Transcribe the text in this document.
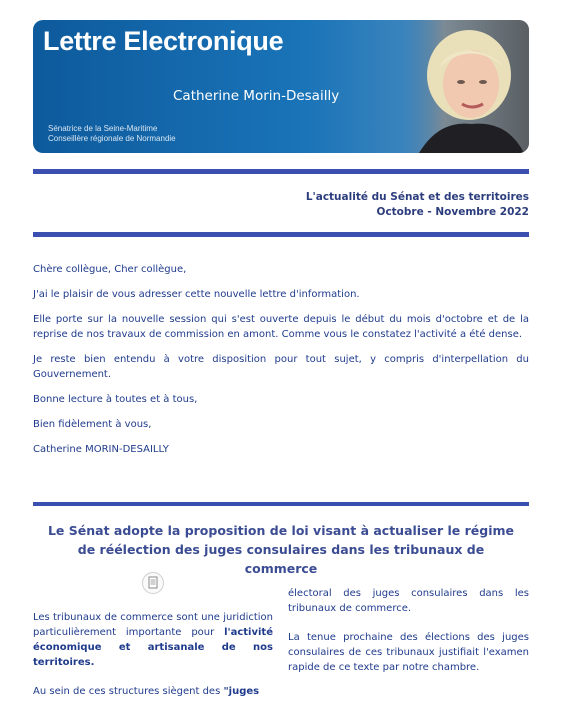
Lettre Electronique
Catherine Morin-Desailly
Sénatrice de la Seine-Maritime
Conseillère régionale de Normandie
L'actualité du Sénat et des territoires
Octobre - Novembre 2022

Chère collègue, Cher collègue,

J'ai le plaisir de vous adresser cette nouvelle lettre d'information.

Elle porte sur la nouvelle session qui s'est ouverte depuis le début du mois d'octobre et de la reprise de nos travaux de commission en amont. Comme vous le constatez l'activité a été dense.

Je reste bien entendu à votre disposition pour tout sujet, y compris d'interpellation du Gouvernement.

Bonne lecture à toutes et à tous,

Bien fidèlement à vous,

Catherine MORIN-DESAILLY

Le Sénat adopte la proposition de loi visant à actualiser le régime de réélection des juges consulaires dans les tribunaux de commerce

Les tribunaux de commerce sont une juridiction particulièrement importante pour l'activité économique et artisanale de nos territoires.

Au sein de ces structures siègent des "juges

électoral des juges consulaires dans les tribunaux de commerce.

La tenue prochaine des élections des juges consulaires de ces tribunaux justifiait l'examen rapide de ce texte par notre chambre.
